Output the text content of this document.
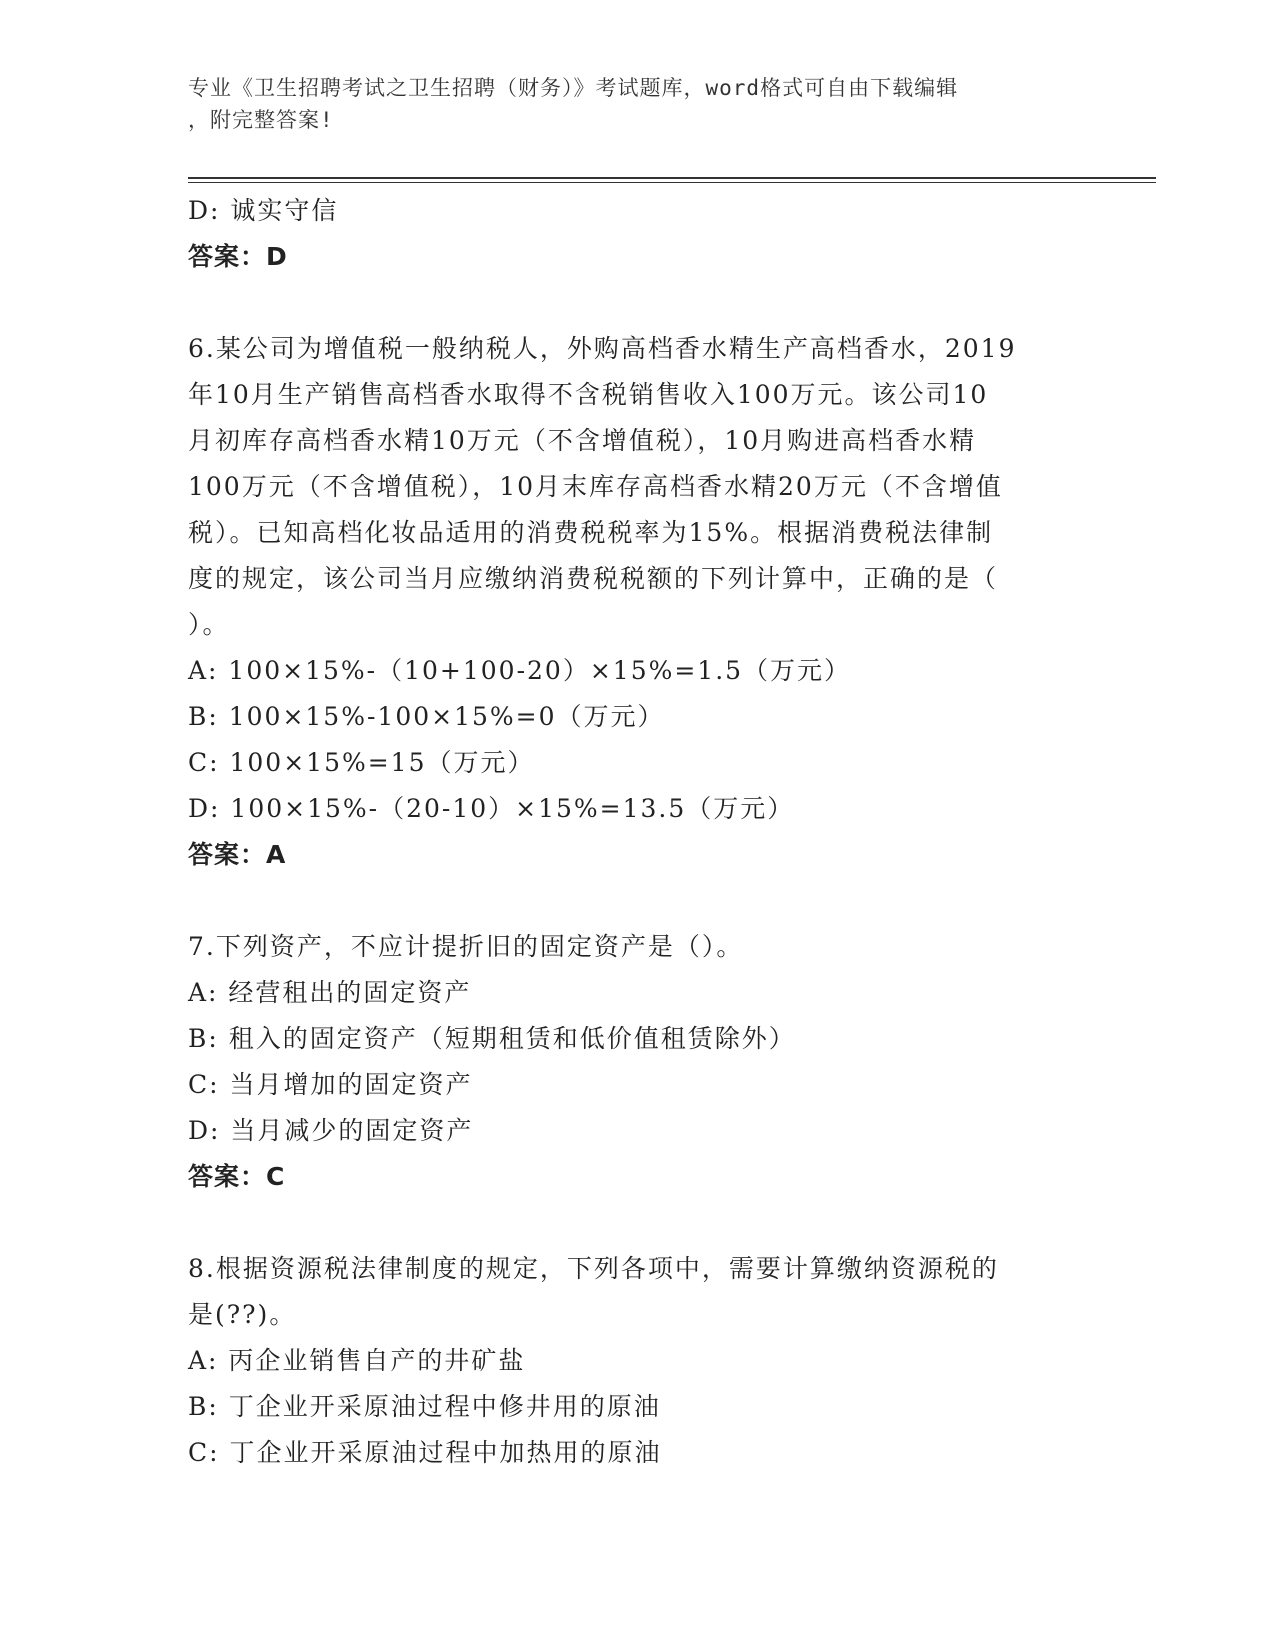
专业《卫生招聘考试之卫生招聘（财务）》考试题库，word格式可自由下载编辑
，附完整答案!
D: 诚实守信
答案：D
6.某公司为增值税一般纳税人，外购高档香水精生产高档香水，2019
年10月生产销售高档香水取得不含税销售收入100万元。该公司10
月初库存高档香水精10万元（不含增值税），10月购进高档香水精
100万元（不含增值税），10月末库存高档香水精20万元（不含增值
税）。已知高档化妆品适用的消费税税率为15%。根据消费税法律制
度的规定，该公司当月应缴纳消费税税额的下列计算中，正确的是（
）。
A: 100×15%-（10+100-20）×15%=1.5（万元）
B: 100×15%-100×15%=0（万元）
C: 100×15%=15（万元）
D: 100×15%-（20-10）×15%=13.5（万元）
答案：A
7.下列资产，不应计提折旧的固定资产是（）。
A: 经营租出的固定资产
B: 租入的固定资产（短期租赁和低价值租赁除外）
C: 当月增加的固定资产
D: 当月减少的固定资产
答案：C
8.根据资源税法律制度的规定，下列各项中，需要计算缴纳资源税的
是(??)。
A: 丙企业销售自产的井矿盐
B: 丁企业开采原油过程中修井用的原油
C: 丁企业开采原油过程中加热用的原油
